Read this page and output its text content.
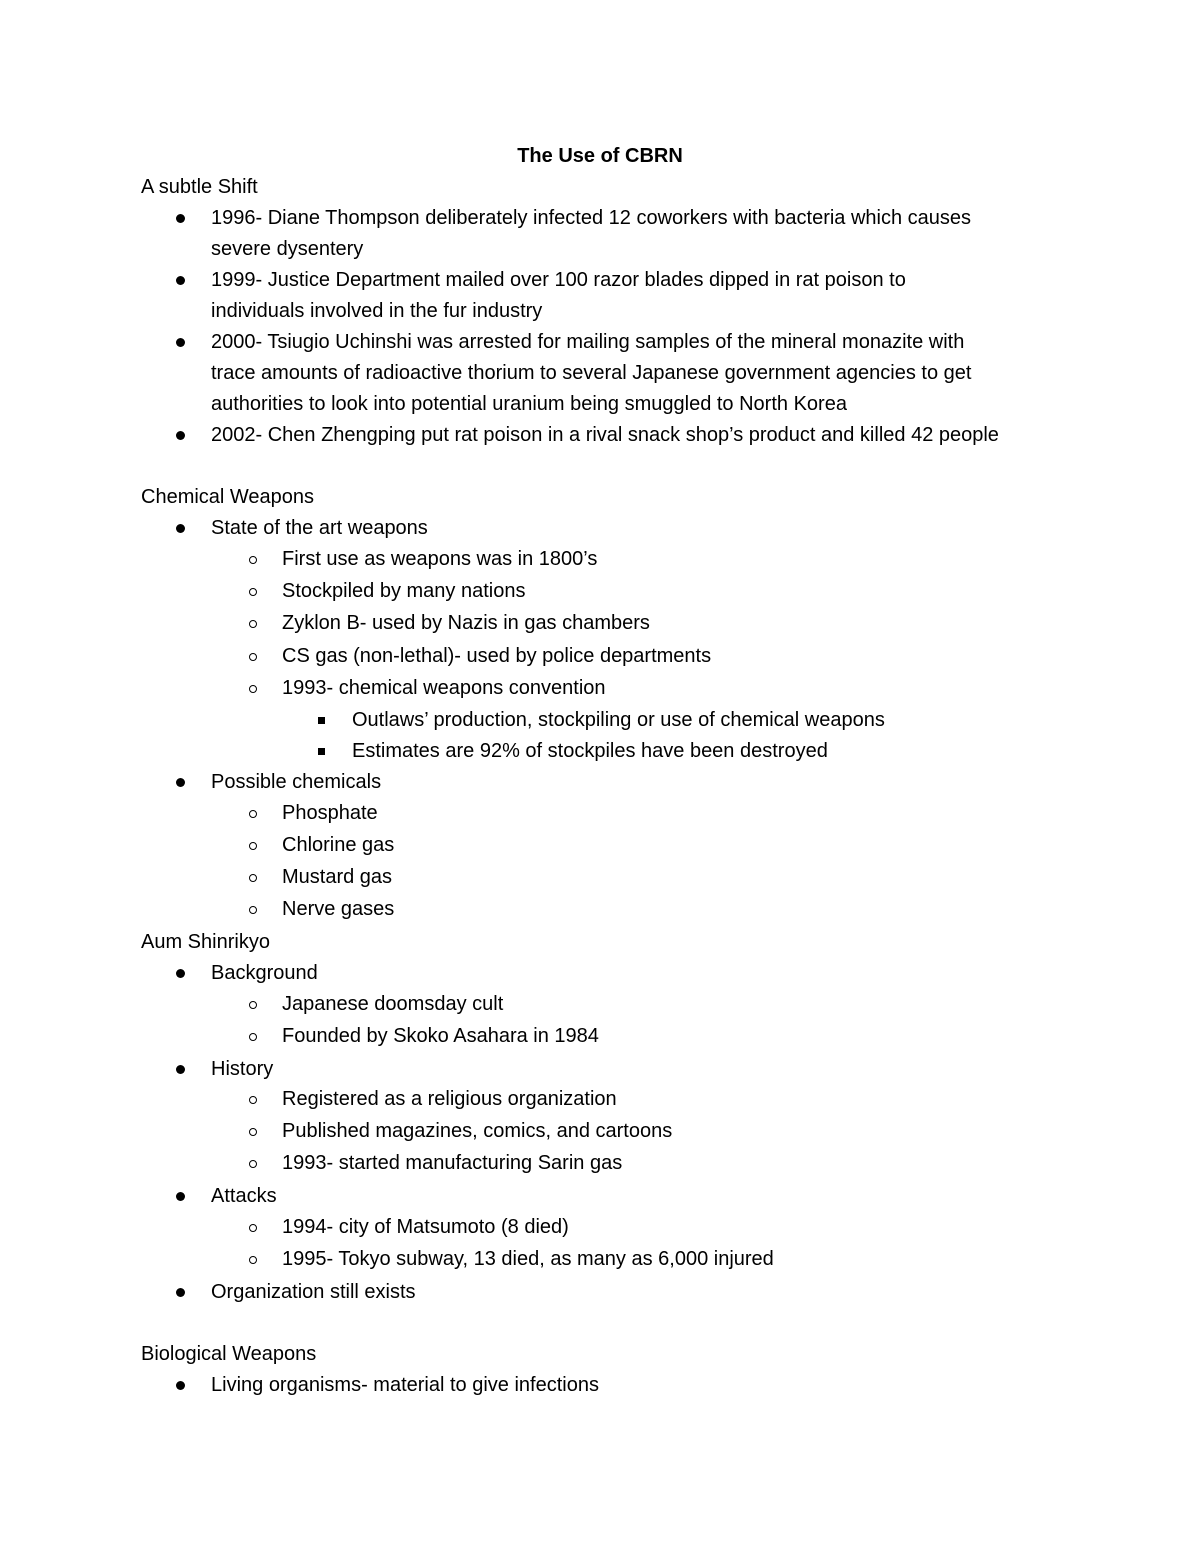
The Use of CBRN
A subtle Shift
1996- Diane Thompson deliberately infected 12 coworkers with bacteria which causes
severe dysentery
1999- Justice Department mailed over 100 razor blades dipped in rat poison to
individuals involved in the fur industry
2000- Tsiugio Uchinshi was arrested for mailing samples of the mineral monazite with
trace amounts of radioactive thorium to several Japanese government agencies to get
authorities to look into potential uranium being smuggled to North Korea
2002- Chen Zhengping put rat poison in a rival snack shop’s product and killed 42 people
Chemical Weapons
State of the art weapons
First use as weapons was in 1800’s
Stockpiled by many nations
Zyklon B- used by Nazis in gas chambers
CS gas (non-lethal)- used by police departments
1993- chemical weapons convention
Outlaws’ production, stockpiling or use of chemical weapons
Estimates are 92% of stockpiles have been destroyed
Possible chemicals
Phosphate
Chlorine gas
Mustard gas
Nerve gases
Aum Shinrikyo
Background
Japanese doomsday cult
Founded by Skoko Asahara in 1984
History
Registered as a religious organization
Published magazines, comics, and cartoons
1993- started manufacturing Sarin gas
Attacks
1994- city of Matsumoto (8 died)
1995- Tokyo subway, 13 died, as many as 6,000 injured
Organization still exists
Biological Weapons
Living organisms- material to give infections
